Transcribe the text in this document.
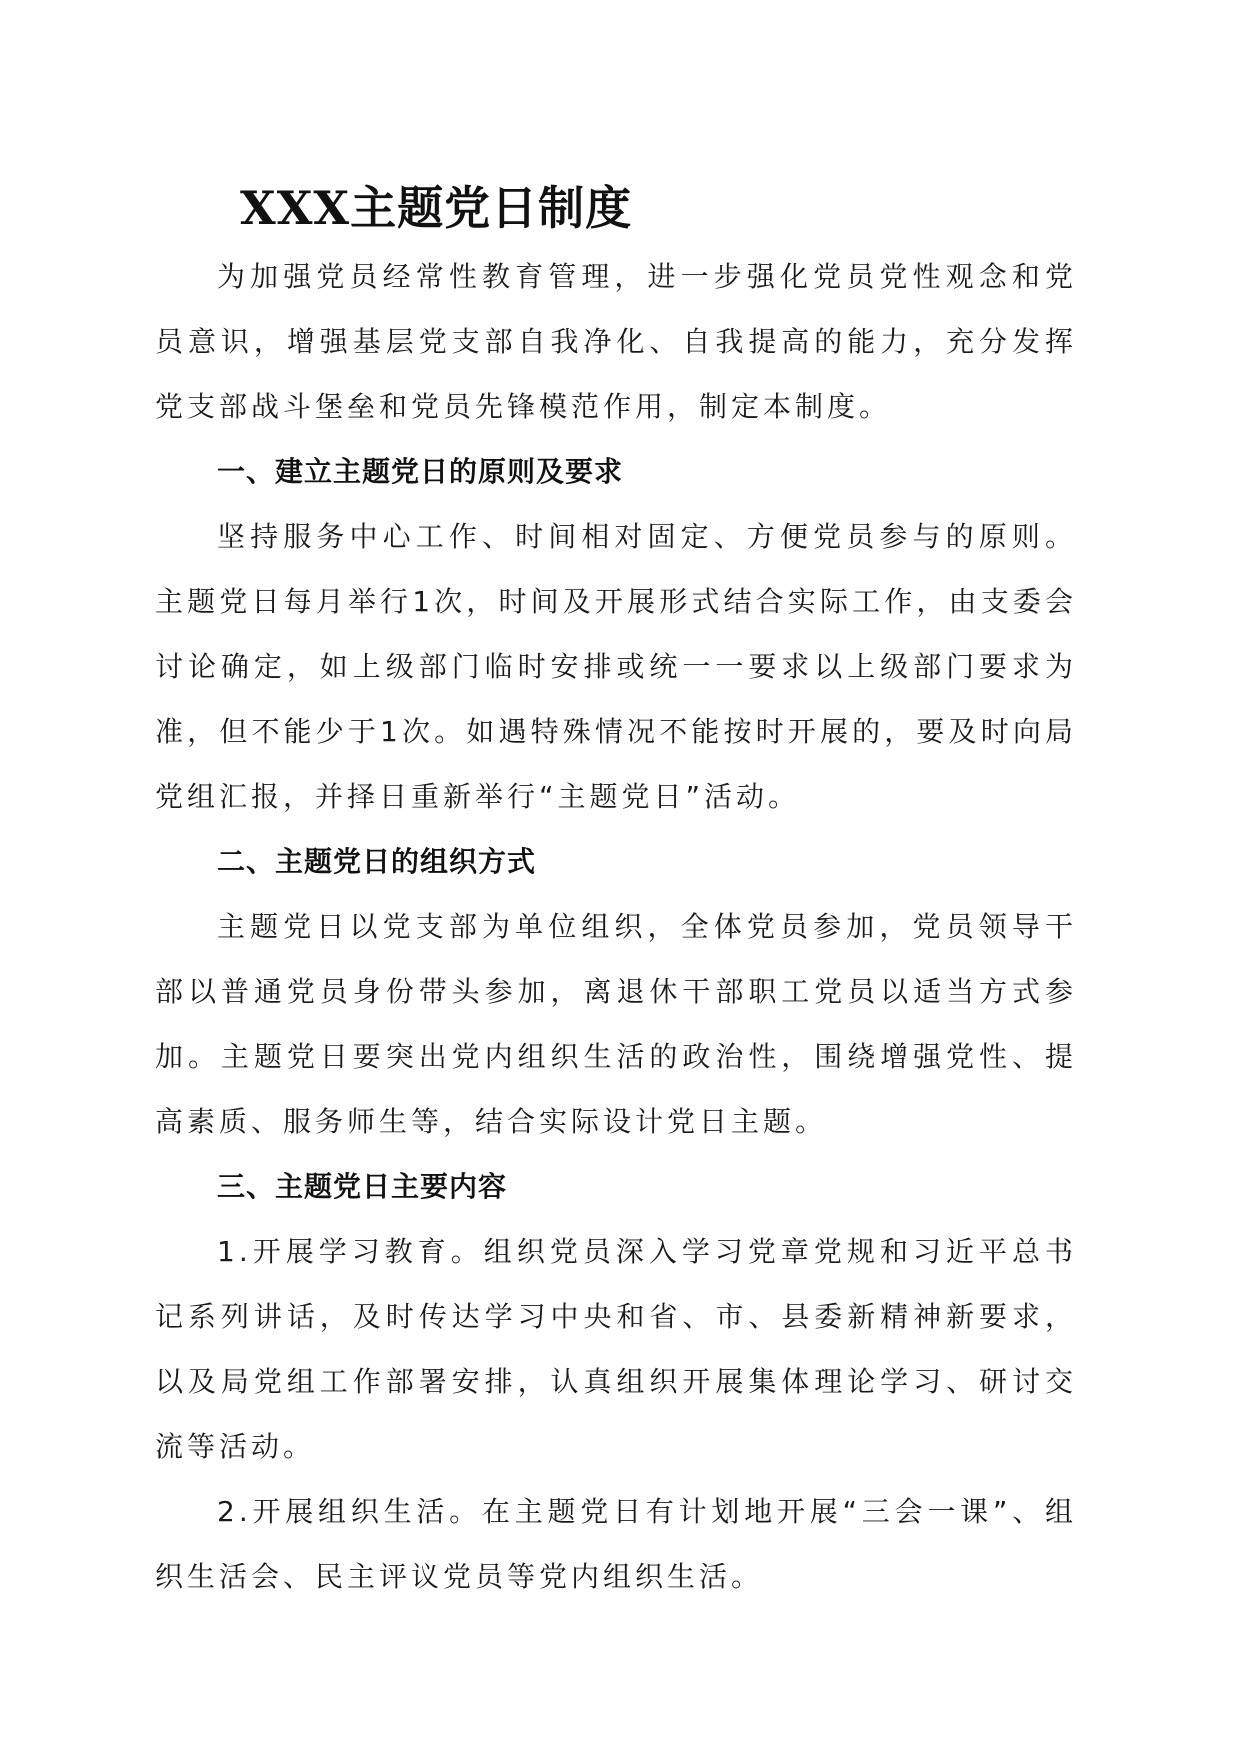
XXX主题党日制度

为加强党员经常性教育管理，进一步强化党员党性观念和党员意识，增强基层党支部自我净化、自我提高的能力，充分发挥党支部战斗堡垒和党员先锋模范作用，制定本制度。

一、建立主题党日的原则及要求

坚持服务中心工作、时间相对固定、方便党员参与的原则。主题党日每月举行1次，时间及开展形式结合实际工作，由支委会讨论确定，如上级部门临时安排或统一一要求以上级部门要求为准，但不能少于1次。如遇特殊情况不能按时开展的，要及时向局党组汇报，并择日重新举行“主题党日”活动。

二、主题党日的组织方式

主题党日以党支部为单位组织，全体党员参加，党员领导干部以普通党员身份带头参加，离退休干部职工党员以适当方式参加。主题党日要突出党内组织生活的政治性，围绕增强党性、提高素质、服务师生等，结合实际设计党日主题。

三、主题党日主要内容

1.开展学习教育。组织党员深入学习党章党规和习近平总书记系列讲话，及时传达学习中央和省、市、县委新精神新要求，以及局党组工作部署安排，认真组织开展集体理论学习、研讨交流等活动。

2.开展组织生活。在主题党日有计划地开展“三会一课”、组织生活会、民主评议党员等党内组织生活。
